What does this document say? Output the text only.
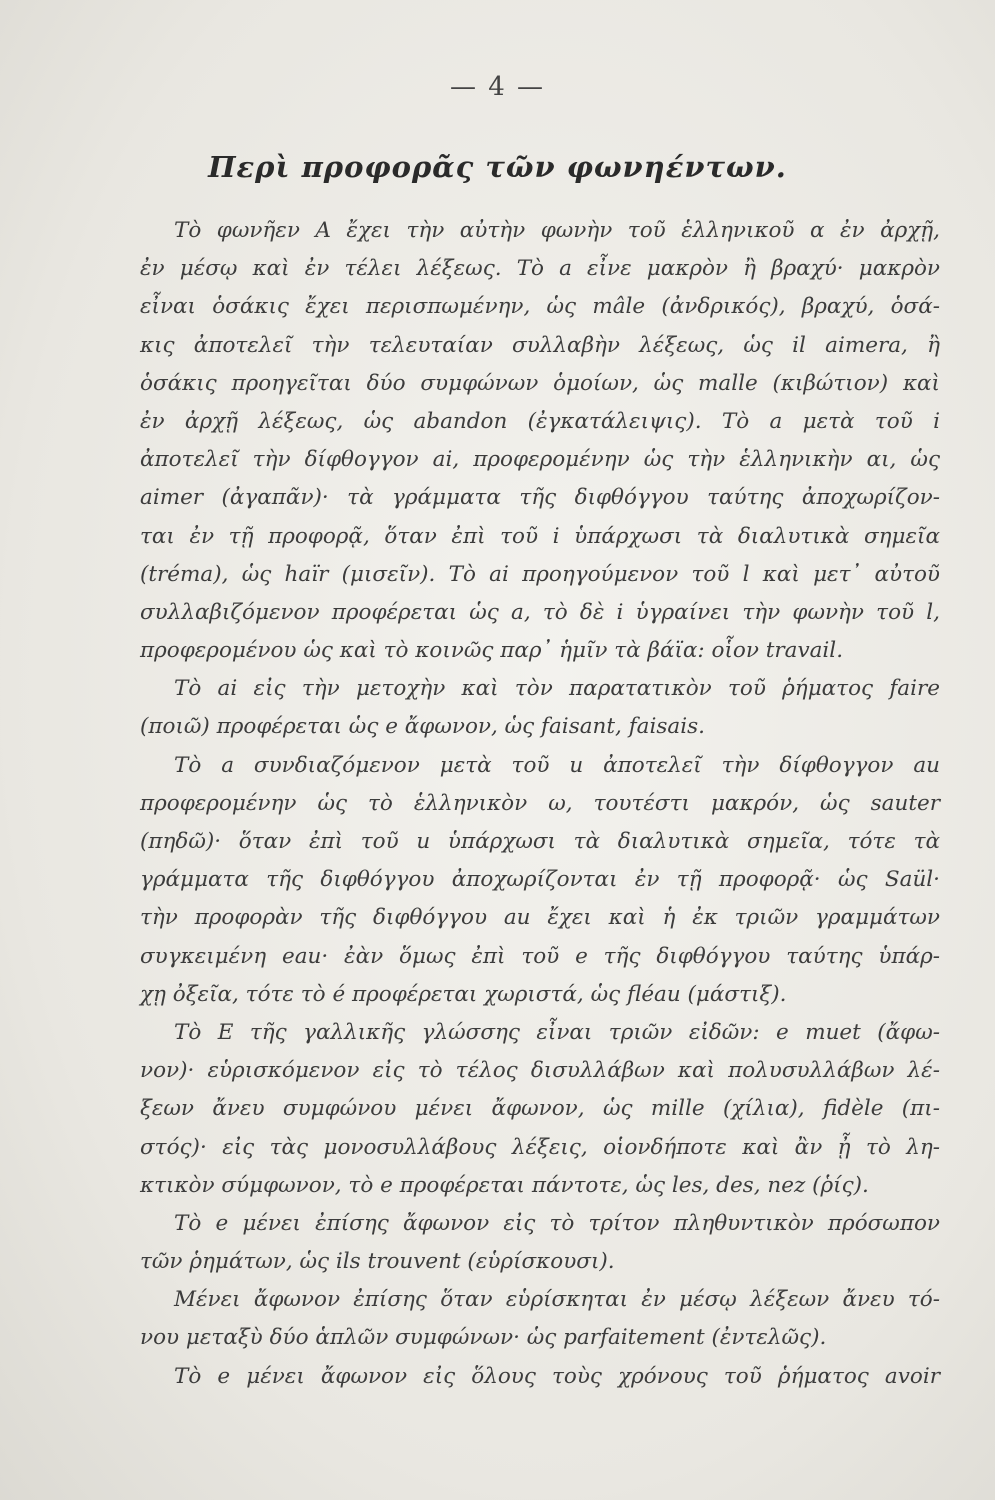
— 4 —
Περὶ προφορᾶς τῶν φωνηέντων.
Τὸ φωνῆεν Α ἔχει τὴν αὐτὴν φωνὴν τοῦ ἑλληνικοῦ α ἐν ἀρχῇ,
ἐν μέσῳ καὶ ἐν τέλει λέξεως. Τὸ a εἶνε μακρὸν ἢ βραχύ· μακρὸν
εἶναι ὁσάκις ἔχει περισπωμένην, ὡς mâle (ἀνδρικός), βραχύ, ὁσά-
κις ἀποτελεῖ τὴν τελευταίαν συλλαβὴν λέξεως, ὡς il aimera, ἢ
ὁσάκις προηγεῖται δύο συμφώνων ὁμοίων, ὡς malle (κιβώτιον) καὶ
ἐν ἀρχῇ λέξεως, ὡς abandon (ἐγκατάλειψις). Τὸ a μετὰ τοῦ i
ἀποτελεῖ τὴν δίφθογγον ai, προφερομένην ὡς τὴν ἑλληνικὴν αι, ὡς
aimer (ἀγαπᾶν)· τὰ γράμματα τῆς διφθόγγου ταύτης ἀποχωρίζον-
ται ἐν τῇ προφορᾷ, ὅταν ἐπὶ τοῦ i ὑπάρχωσι τὰ διαλυτικὰ σημεῖα
(tréma), ὡς haïr (μισεῖν). Τὸ ai προηγούμενον τοῦ l καὶ μετ᾽ αὐτοῦ
συλλαβιζόμενον προφέρεται ὡς a, τὸ δὲ i ὑγραίνει τὴν φωνὴν τοῦ l,
προφερομένου ὡς καὶ τὸ κοινῶς παρ᾽ ἡμῖν τὰ βάϊα: οἷον travail.
Τὸ ai εἰς τὴν μετοχὴν καὶ τὸν παρατατικὸν τοῦ ῥήματος faire
(ποιῶ) προφέρεται ὡς e ἄφωνον, ὡς faisant, faisais.
Τὸ a συνδιαζόμενον μετὰ τοῦ u ἀποτελεῖ τὴν δίφθογγον au
προφερομένην ὡς τὸ ἑλληνικὸν ω, τουτέστι μακρόν, ὡς sauter
(πηδῶ)· ὅταν ἐπὶ τοῦ u ὑπάρχωσι τὰ διαλυτικὰ σημεῖα, τότε τὰ
γράμματα τῆς διφθόγγου ἀποχωρίζονται ἐν τῇ προφορᾷ· ὡς Saül·
τὴν προφορὰν τῆς διφθόγγου au ἔχει καὶ ἡ ἐκ τριῶν γραμμάτων
συγκειμένη eau· ἐὰν ὅμως ἐπὶ τοῦ e τῆς διφθόγγου ταύτης ὑπάρ-
χῃ ὀξεῖα, τότε τὸ é προφέρεται χωριστά, ὡς fléau (μάστιξ).
Τὸ Ε τῆς γαλλικῆς γλώσσης εἶναι τριῶν εἰδῶν: e muet (ἄφω-
νον)· εὑρισκόμενον εἰς τὸ τέλος δισυλλάβων καὶ πολυσυλλάβων λέ-
ξεων ἄνευ συμφώνου μένει ἄφωνον, ὡς mille (χίλια), fidèle (πι-
στός)· εἰς τὰς μονοσυλλάβους λέξεις, οἱονδήποτε καὶ ἂν ᾖ τὸ λη-
κτικὸν σύμφωνον, τὸ e προφέρεται πάντοτε, ὡς les, des, nez (ῥίς).
Τὸ e μένει ἐπίσης ἄφωνον εἰς τὸ τρίτον πληθυντικὸν πρόσωπον
τῶν ῥημάτων, ὡς ils trouvent (εὑρίσκουσι).
Μένει ἄφωνον ἐπίσης ὅταν εὑρίσκηται ἐν μέσῳ λέξεων ἄνευ τό-
νου μεταξὺ δύο ἁπλῶν συμφώνων· ὡς parfaitement (ἐντελῶς).
Τὸ e μένει ἄφωνον εἰς ὅλους τοὺς χρόνους τοῦ ῥήματος avoir
